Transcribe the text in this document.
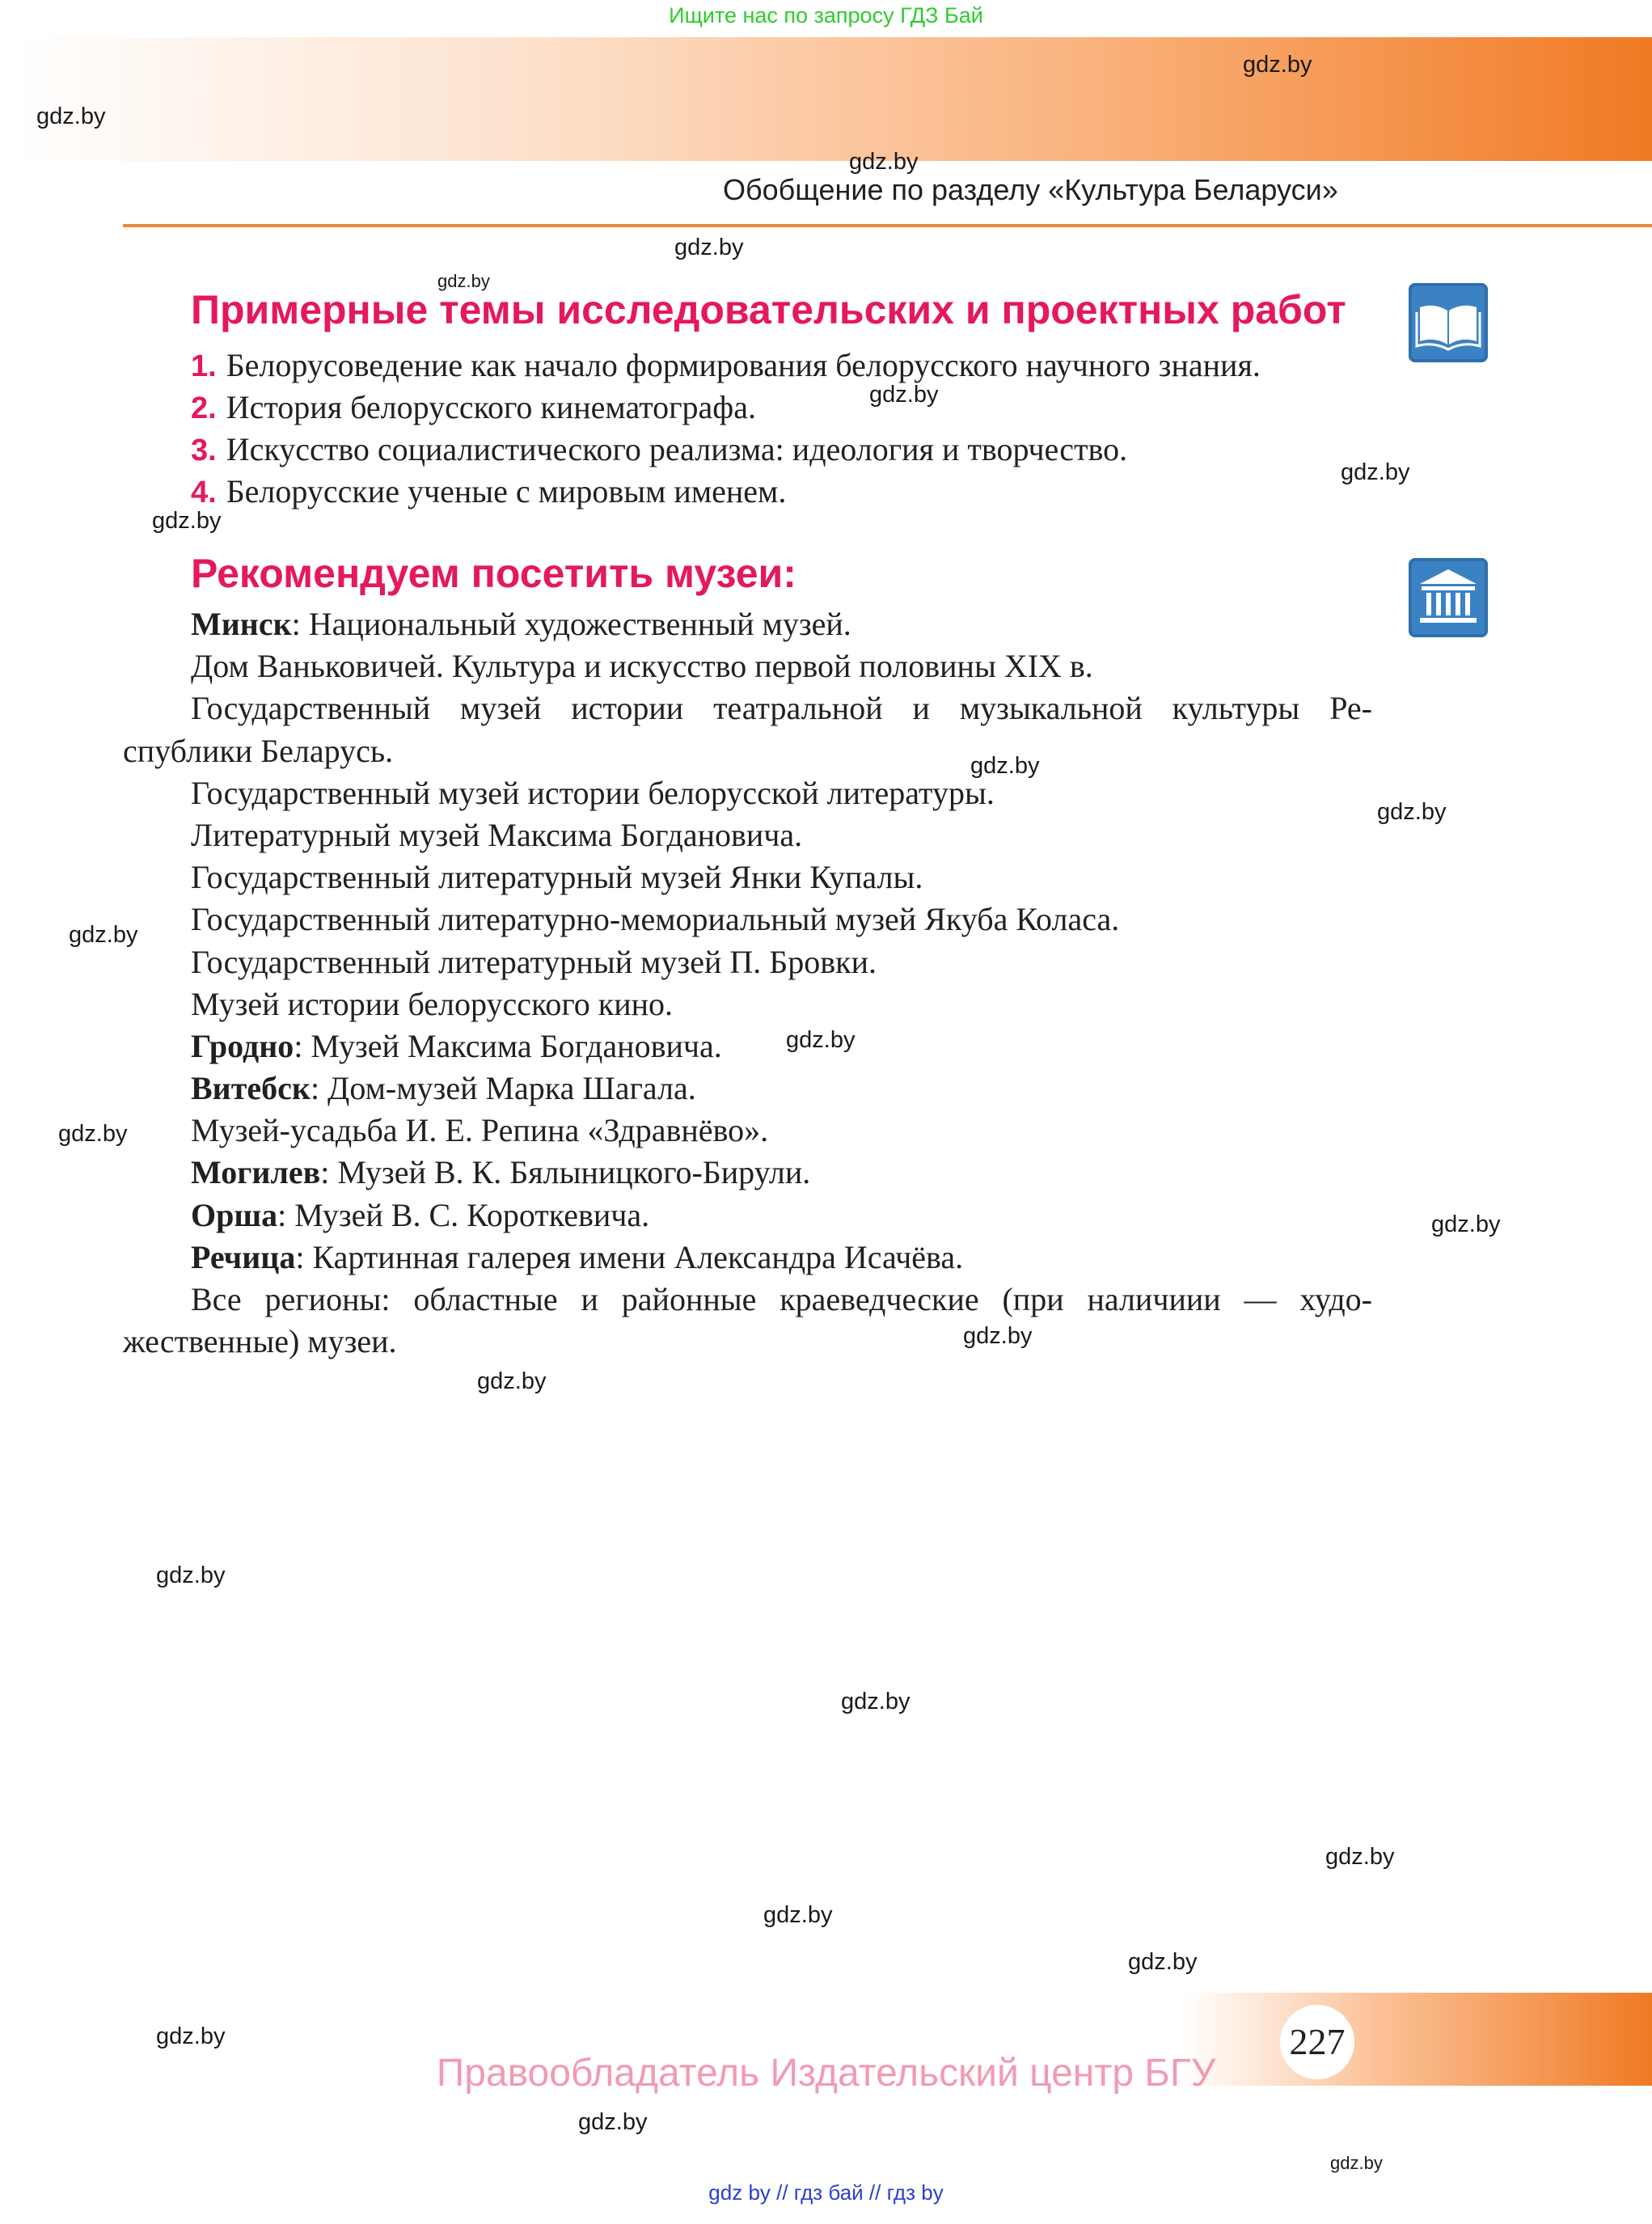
Ищите нас по запросу ГДЗ Бай
gdz.by
gdz.by
gdz.by
Обобщение по разделу «Культура Беларуси»
gdz.by
gdz.by
Примерные темы исследовательских и проектных работ
1. Белорусоведение как начало формирования белорусского научного знания.
2. История белорусского кинематографа.
3. Искусство социалистического реализма: идеология и творчество.
4. Белорусские ученые с мировым именем.
gdz.by
gdz.by
gdz.by
Рекомендуем посетить музеи:
Минск: Национальный художественный музей.
Дом Ваньковичей. Культура и искусство первой половины XIX в.
Государственный музей истории театральной и музыкальной культуры Ре-
спублики Беларусь.
Государственный музей истории белорусской литературы.
Литературный музей Максима Богдановича.
Государственный литературный музей Янки Купалы.
Государственный литературно-мемориальный музей Якуба Коласа.
Государственный литературный музей П. Бровки.
Музей истории белорусского кино.
Гродно: Музей Максима Богдановича.
Витебск: Дом-музей Марка Шагала.
Музей-усадьба И. Е. Репина «Здравнёво».
Могилев: Музей В. К. Бялыницкого-Бирули.
Орша: Музей В. С. Короткевича.
Речица: Картинная галерея имени Александра Исачёва.
Все регионы: областные и районные краеведческие (при наличиии — худо-
жественные) музеи.
gdz.by
gdz.by
gdz.by
gdz.by
gdz.by
gdz.by
gdz.by
gdz.by
gdz.by
gdz.by
gdz.by
gdz.by
gdz.by
gdz.by
gdz.by
gdz.by
227
Правообладатель Издательский центр БГУ
gdz by // гдз бай // гдз by
